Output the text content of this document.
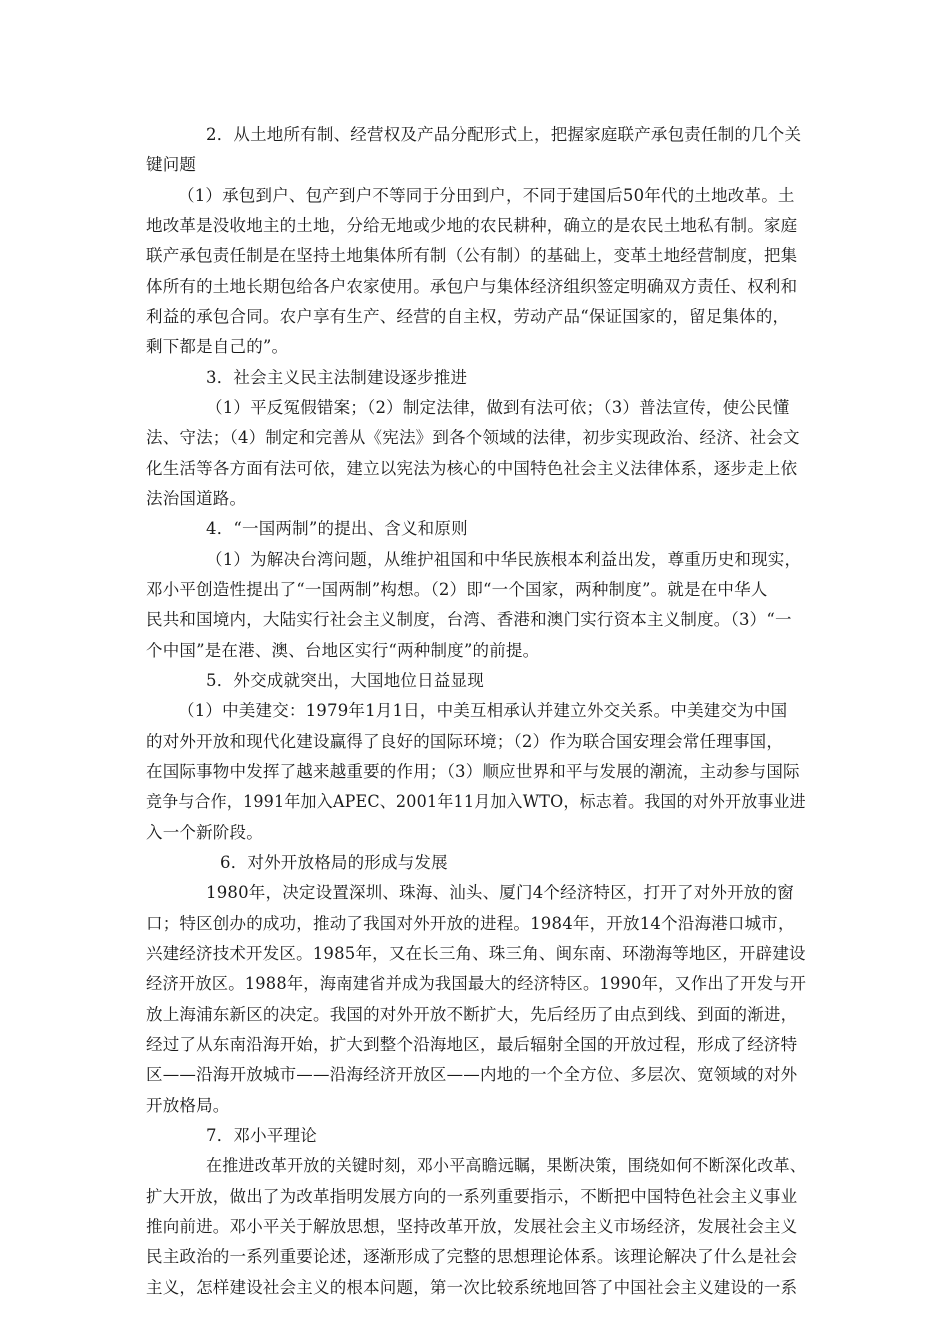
2．从土地所有制、经营权及产品分配形式上，把握家庭联产承包责任制的几个关
键问题
（1）承包到户、包产到户不等同于分田到户，不同于建国后50年代的土地改革。土
地改革是没收地主的土地，分给无地或少地的农民耕种，确立的是农民土地私有制。家庭
联产承包责任制是在坚持土地集体所有制（公有制）的基础上，变革土地经营制度，把集
体所有的土地长期包给各户农家使用。承包户与集体经济组织签定明确双方责任、权利和
利益的承包合同。农户享有生产、经营的自主权，劳动产品“保证国家的，留足集体的，
剩下都是自己的”。
3．社会主义民主法制建设逐步推进
（1）平反冤假错案；（2）制定法律，做到有法可依；（3）普法宣传，使公民懂
法、守法；（4）制定和完善从《宪法》到各个领域的法律，初步实现政治、经济、社会文
化生活等各方面有法可依，建立以宪法为核心的中国特色社会主义法律体系，逐步走上依
法治国道路。
4．“一国两制”的提出、含义和原则
（1）为解决台湾问题，从维护祖国和中华民族根本利益出发，尊重历史和现实，
邓小平创造性提出了“一国两制”构想。（2）即“一个国家，两种制度”。就是在中华人
民共和国境内，大陆实行社会主义制度，台湾、香港和澳门实行资本主义制度。（3）“一
个中国”是在港、澳、台地区实行“两种制度”的前提。
5．外交成就突出，大国地位日益显现
（1）中美建交：1979年1月1日，中美互相承认并建立外交关系。中美建交为中国
的对外开放和现代化建设赢得了良好的国际环境；（2）作为联合国安理会常任理事国，
在国际事物中发挥了越来越重要的作用；（3）顺应世界和平与发展的潮流，主动参与国际
竞争与合作，1991年加入APEC、2001年11月加入WTO，标志着。我国的对外开放事业进
入一个新阶段。
6．对外开放格局的形成与发展
1980年，决定设置深圳、珠海、汕头、厦门4个经济特区，打开了对外开放的窗
口；特区创办的成功，推动了我国对外开放的进程。1984年，开放14个沿海港口城市，
兴建经济技术开发区。1985年，又在长三角、珠三角、闽东南、环渤海等地区，开辟建设
经济开放区。1988年，海南建省并成为我国最大的经济特区。1990年，又作出了开发与开
放上海浦东新区的决定。我国的对外开放不断扩大，先后经历了由点到线、到面的渐进，
经过了从东南沿海开始，扩大到整个沿海地区，最后辐射全国的开放过程，形成了经济特
区——沿海开放城市——沿海经济开放区——内地的一个全方位、多层次、宽领域的对外
开放格局。
7．邓小平理论
在推进改革开放的关键时刻，邓小平高瞻远瞩，果断决策，围绕如何不断深化改革、
扩大开放，做出了为改革指明发展方向的一系列重要指示，不断把中国特色社会主义事业
推向前进。邓小平关于解放思想，坚持改革开放，发展社会主义市场经济，发展社会主义
民主政治的一系列重要论述，逐渐形成了完整的思想理论体系。该理论解决了什么是社会
主义，怎样建设社会主义的根本问题，第一次比较系统地回答了中国社会主义建设的一系
